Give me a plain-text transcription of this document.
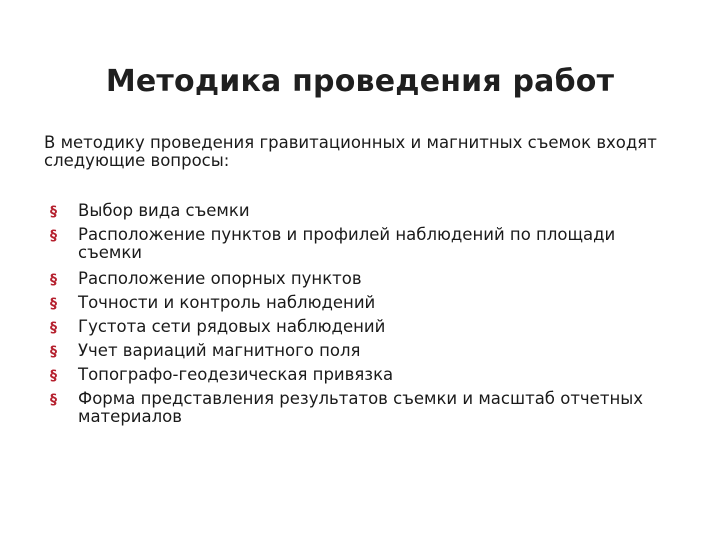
Методика проведения работ
В методику проведения гравитационных и магнитных съемок входят следующие вопросы:
§ Выбор вида съемки
§ Расположение пунктов и профилей наблюдений по площади съемки
§ Расположение опорных пунктов
§ Точности и контроль наблюдений
§ Густота сети рядовых наблюдений
§ Учет вариаций магнитного поля
§ Топографо-геодезическая привязка
§ Форма представления результатов съемки и масштаб отчетных материалов
